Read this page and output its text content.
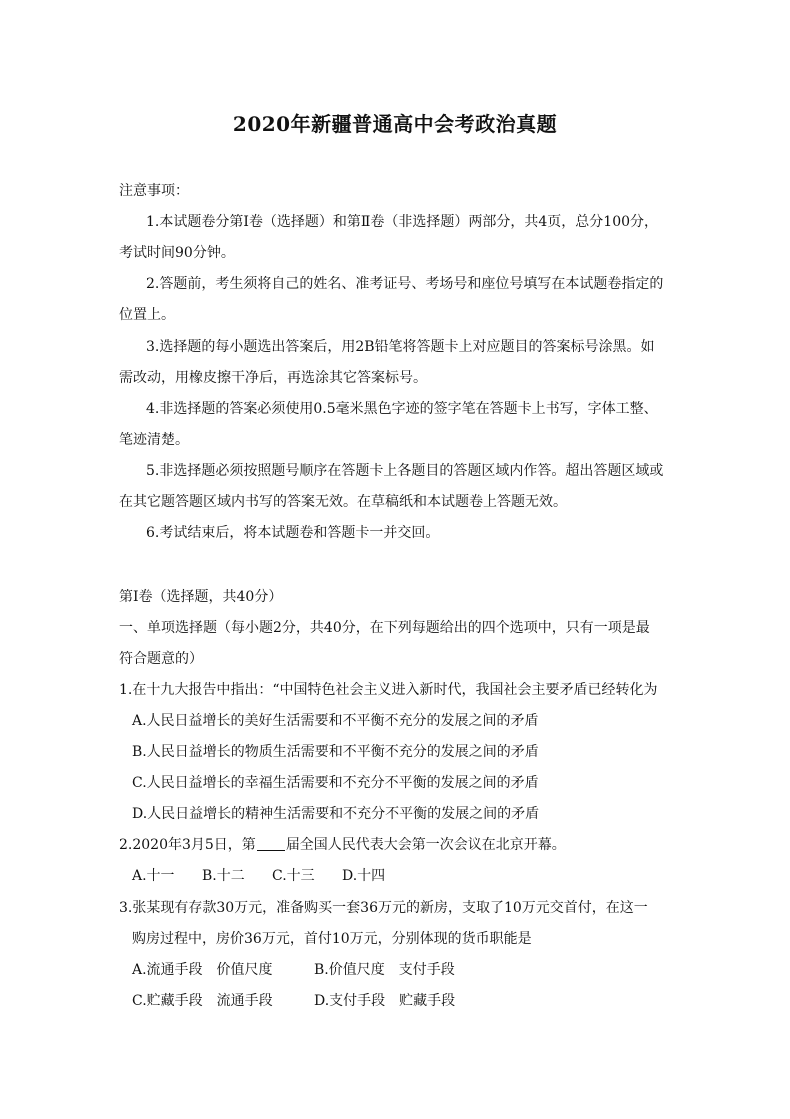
2020年新疆普通高中会考政治真题
注意事项：
1.本试题卷分第Ⅰ卷（选择题）和第Ⅱ卷（非选择题）两部分，共4页，总分100分，
考试时间90分钟。
2.答题前，考生须将自己的姓名、准考证号、考场号和座位号填写在本试题卷指定的
位置上。
3.选择题的每小题选出答案后，用2B铅笔将答题卡上对应题目的答案标号涂黑。如
需改动，用橡皮擦干净后，再选涂其它答案标号。
4.非选择题的答案必须使用0.5毫米黑色字迹的签字笔在答题卡上书写，字体工整、
笔迹清楚。
5.非选择题必须按照题号顺序在答题卡上各题目的答题区域内作答。超出答题区域或
在其它题答题区域内书写的答案无效。在草稿纸和本试题卷上答题无效。
6.考试结束后，将本试题卷和答题卡一并交回。
第Ⅰ卷（选择题，共40分）
一、单项选择题（每小题2分，共40分，在下列每题给出的四个选项中，只有一项是最
符合题意的）
1.在十九大报告中指出：“中国特色社会主义进入新时代，我国社会主要矛盾已经转化为
A.人民日益增长的美好生活需要和不平衡不充分的发展之间的矛盾
B.人民日益增长的物质生活需要和不平衡不充分的发展之间的矛盾
C.人民日益增长的幸福生活需要和不充分不平衡的发展之间的矛盾
D.人民日益增长的精神生活需要和不充分不平衡的发展之间的矛盾
2.2020年3月5日，第 届全国人民代表大会第一次会议在北京开幕。
A.十一 B.十二 C.十三 D.十四
3.张某现有存款30万元，准备购买一套36万元的新房，支取了10万元交首付，在这一
购房过程中，房价36万元，首付10万元，分别体现的货币职能是
A.流通手段　价值尺度	B.价值尺度　支付手段
C.贮藏手段　流通手段	D.支付手段　贮藏手段
